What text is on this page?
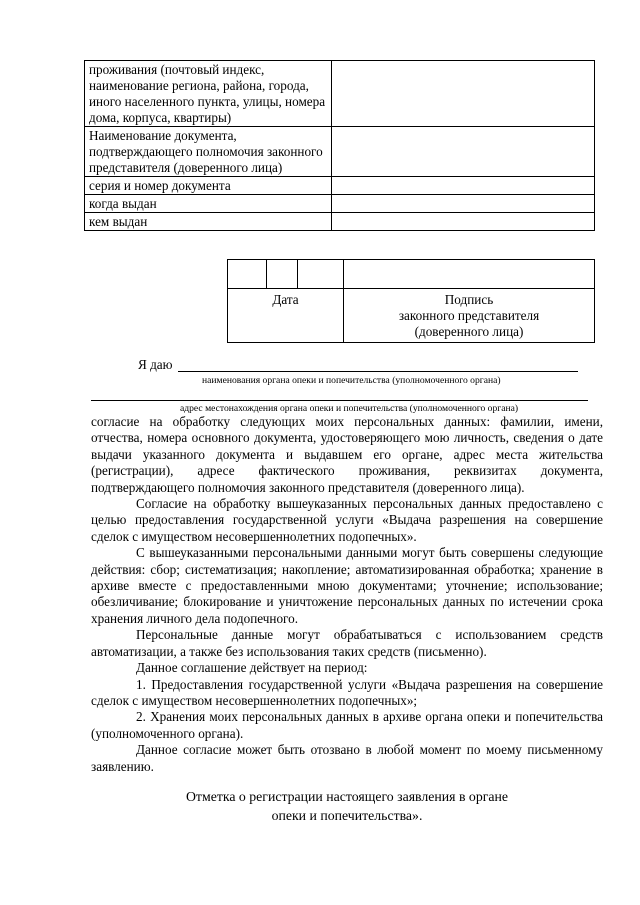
проживания (почтовый индекс, наименование региона, района, города, иного населенного пункта, улицы, номера дома, корпуса, квартиры)	
Наименование документа, подтверждающего полномочия законного представителя (доверенного лица)	
серия и номер документа	
когда выдан	
кем выдан	

Дата			Подпись
законного представителя
(доверенного лица)
Я даю
наименования органа опеки и попечительства (уполномоченного органа)
адрес местонахождения органа опеки и попечительства (уполномоченного органа)

согласие на обработку следующих моих персональных данных: фамилии, имени, отчества, номера основного документа, удостоверяющего мою личность, сведения о дате выдачи указанного документа и выдавшем его органе, адрес места жительства (регистрации), адресе фактического проживания, реквизитах документа, подтверждающего полномочия законного представителя (доверенного лица).

Согласие на обработку вышеуказанных персональных данных предоставлено с целью предоставления государственной услуги «Выдача разрешения на совершение сделок с имуществом несовершеннолетних подопечных».

С вышеуказанными персональными данными могут быть совершены следующие действия: сбор; систематизация; накопление; автоматизированная обработка; хранение в архиве вместе с предоставленными мною документами; уточнение; использование; обезличивание; блокирование и уничтожение персональных данных по истечении срока хранения личного дела подопечного.

Персональные данные могут обрабатываться с использованием средств автоматизации, а также без использования таких средств (письменно).

Данное соглашение действует на период:

1. Предоставления государственной услуги «Выдача разрешения на совершение сделок с имуществом несовершеннолетних подопечных»;

2. Хранения моих персональных данных в архиве органа опеки и попечительства (уполномоченного органа).

Данное согласие может быть отозвано в любой момент по моему письменному заявлению.

Отметка о регистрации настоящего заявления в органе
опеки и попечительства».
